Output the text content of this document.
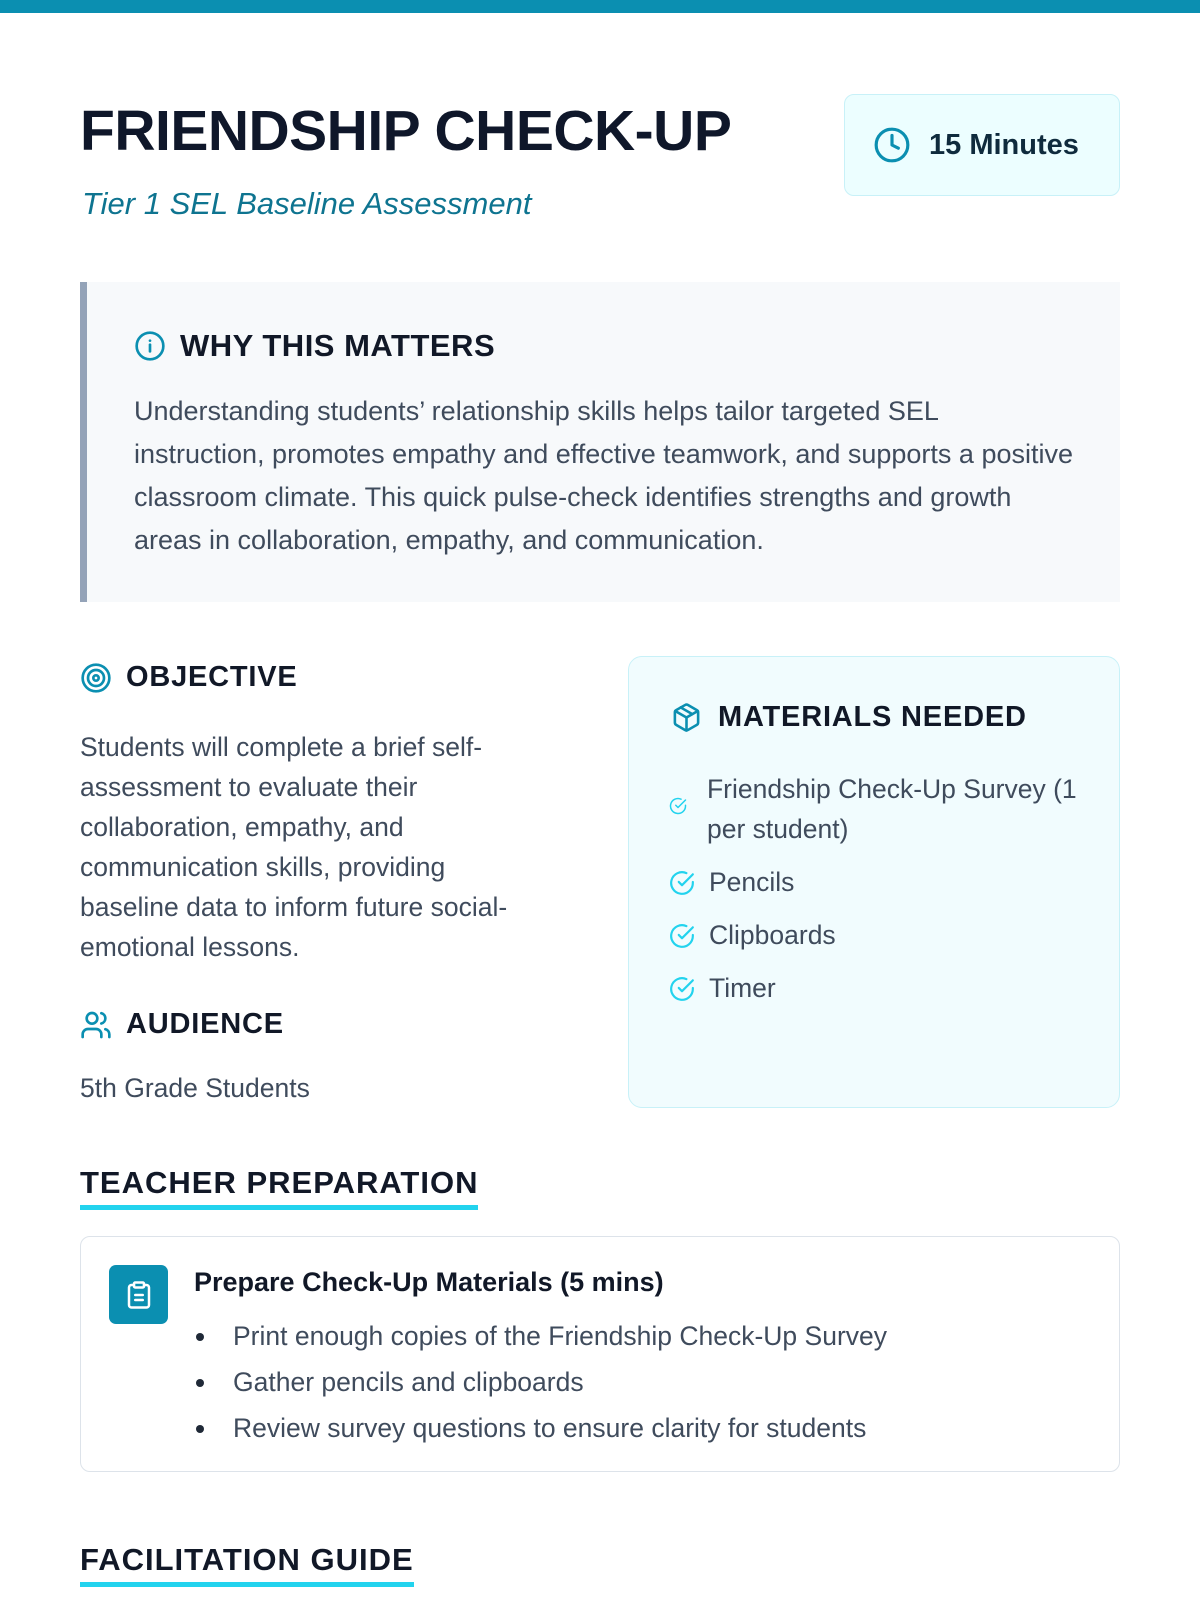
FRIENDSHIP CHECK-UP
Tier 1 SEL Baseline Assessment
15 Minutes
WHY THIS MATTERS

Understanding students’ relationship skills helps tailor targeted SEL instruction, promotes empathy and effective teamwork, and supports a positive classroom climate. This quick pulse-check identifies strengths and growth areas in collaboration, empathy, and communication.

OBJECTIVE

Students will complete a brief self-assessment to evaluate their collaboration, empathy, and communication skills, providing baseline data to inform future social-emotional lessons.

AUDIENCE

5th Grade Students

MATERIALS NEEDED
Friendship Check-Up Survey (1 per student)
Pencils
Clipboards
Timer
TEACHER PREPARATION
Prepare Check-Up Materials (5 mins)
Print enough copies of the Friendship Check-Up Survey
Gather pencils and clipboards
Review survey questions to ensure clarity for students
FACILITATION GUIDE
